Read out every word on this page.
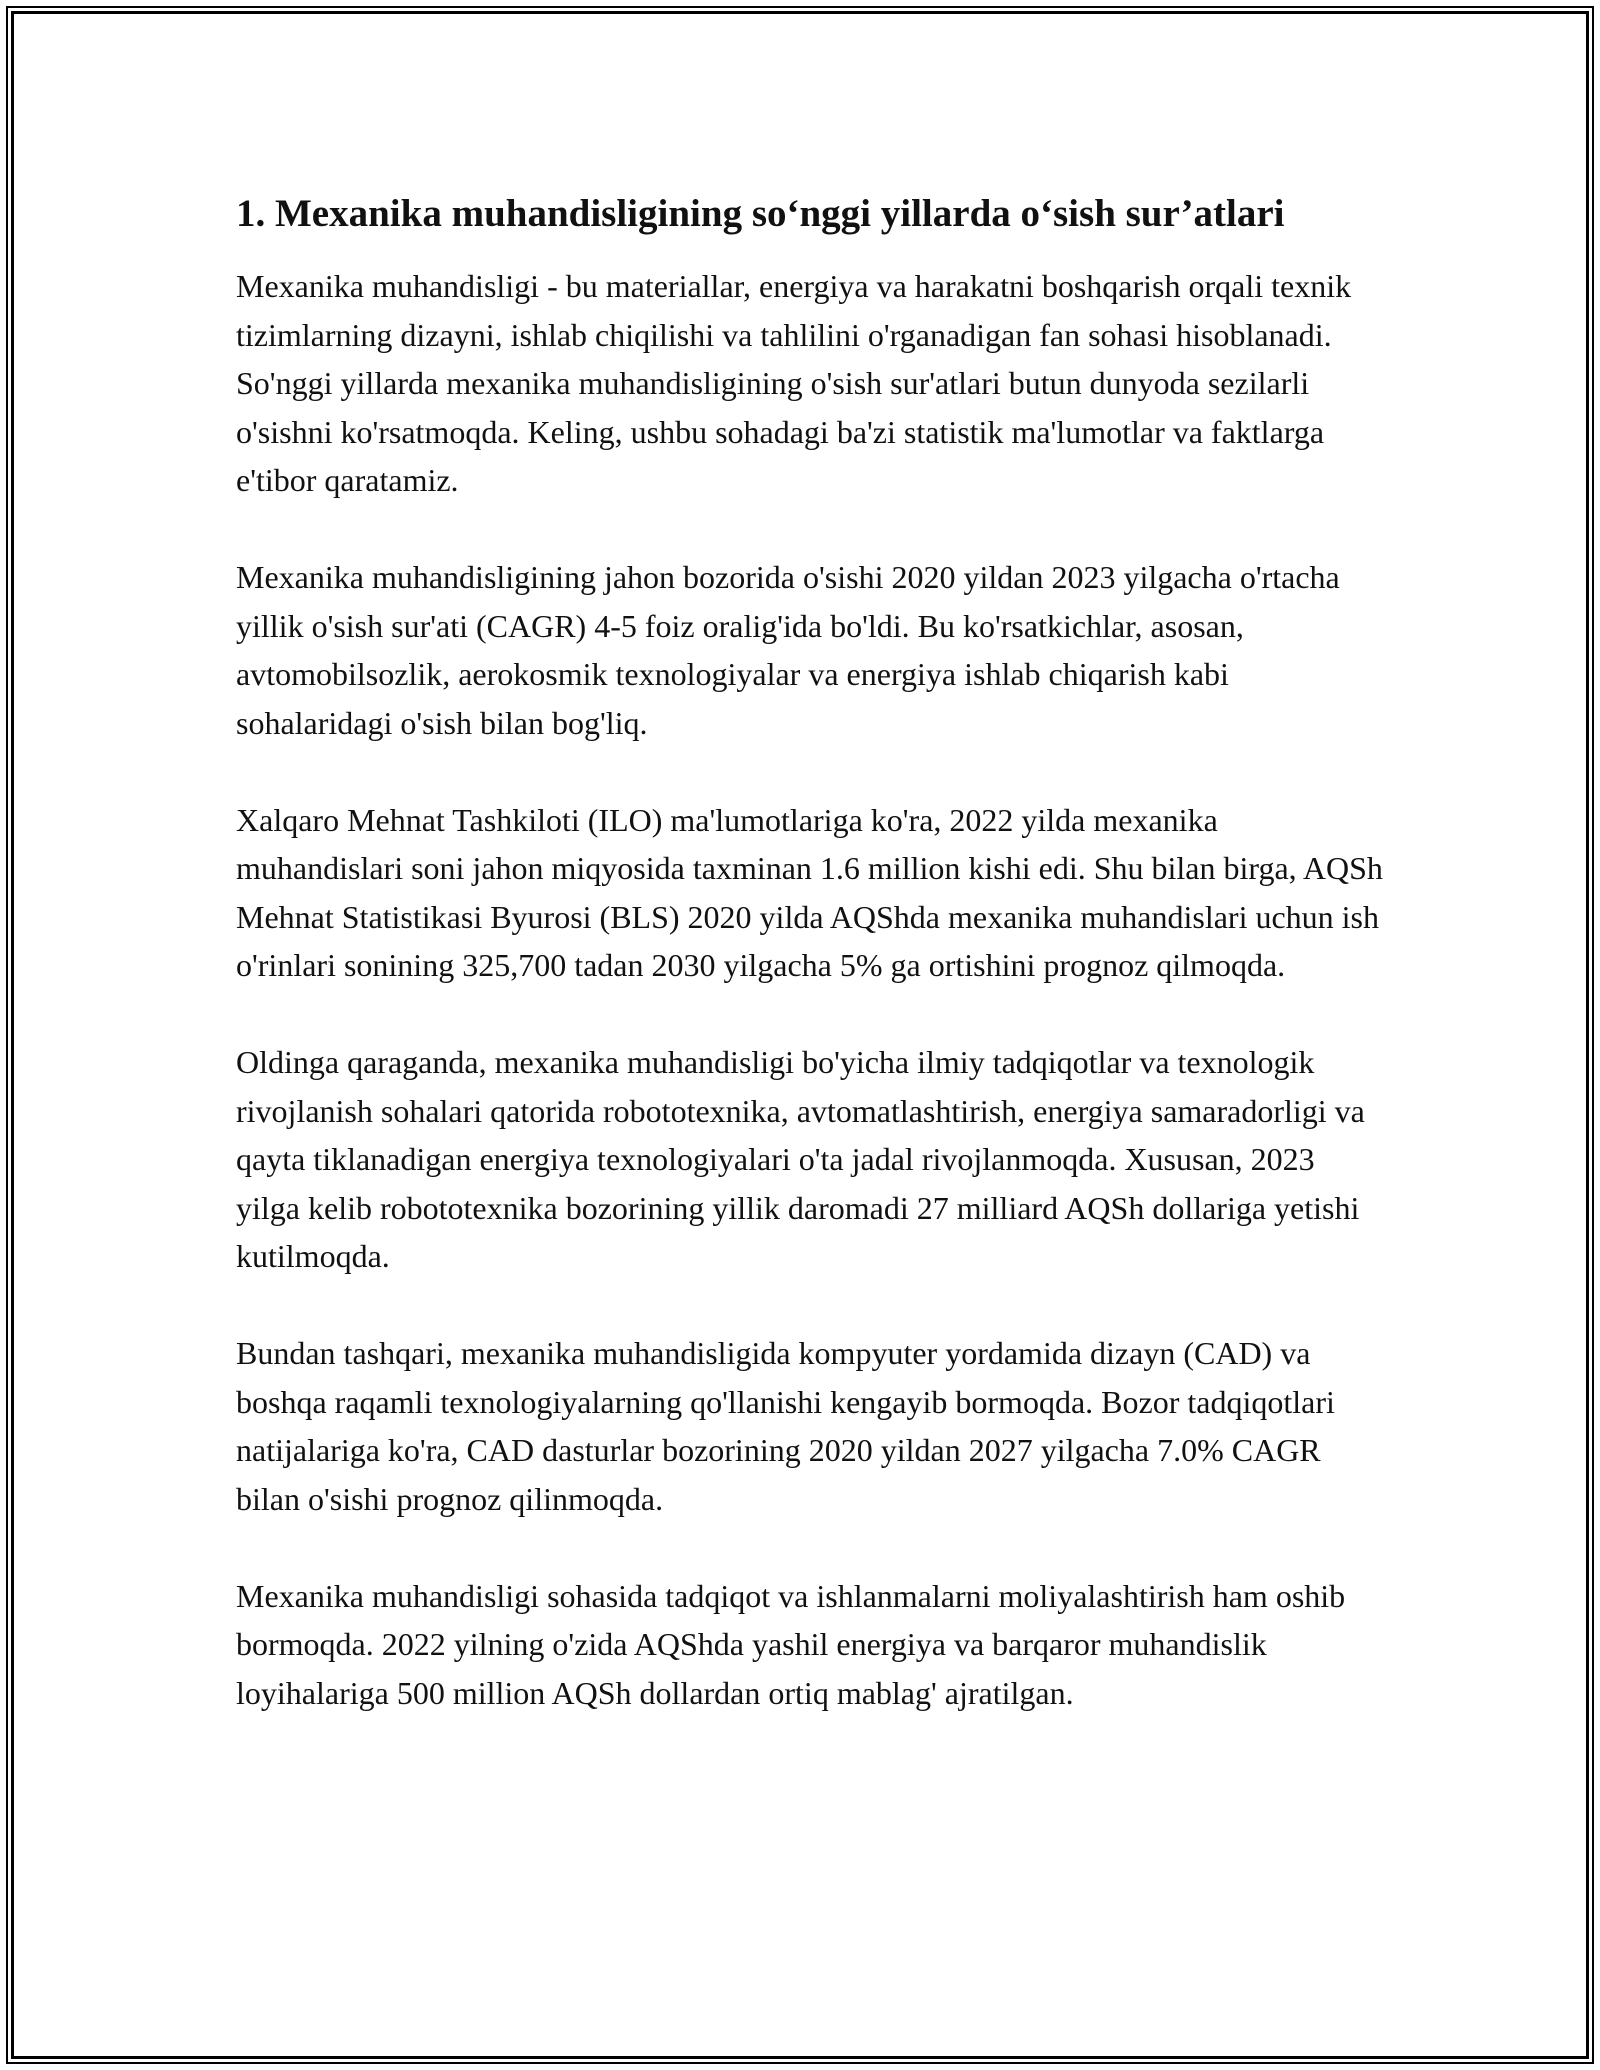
1. Mexanika muhandisligining so‘nggi yillarda o‘sish sur’atlari

Mexanika muhandisligi - bu materiallar, energiya va harakatni boshqarish orqali texnik tizimlarning dizayni, ishlab chiqilishi va tahlilini o'rganadigan fan sohasi hisoblanadi. So'nggi yillarda mexanika muhandisligining o'sish sur'atlari butun dunyoda sezilarli o'sishni ko'rsatmoqda. Keling, ushbu sohadagi ba'zi statistik ma'lumotlar va faktlarga e'tibor qaratamiz.

Mexanika muhandisligining jahon bozorida o'sishi 2020 yildan 2023 yilgacha o'rtacha yillik o'sish sur'ati (CAGR) 4-5 foiz oralig'ida bo'ldi. Bu ko'rsatkichlar, asosan, avtomobilsozlik, aerokosmik texnologiyalar va energiya ishlab chiqarish kabi sohalaridagi o'sish bilan bog'liq.

Xalqaro Mehnat Tashkiloti (ILO) ma'lumotlariga ko'ra, 2022 yilda mexanika muhandislari soni jahon miqyosida taxminan 1.6 million kishi edi. Shu bilan birga, AQSh Mehnat Statistikasi Byurosi (BLS) 2020 yilda AQShda mexanika muhandislari uchun ish o'rinlari sonining 325,700 tadan 2030 yilgacha 5% ga ortishini prognoz qilmoqda.

Oldinga qaraganda, mexanika muhandisligi bo'yicha ilmiy tadqiqotlar va texnologik rivojlanish sohalari qatorida robototexnika, avtomatlashtirish, energiya samaradorligi va qayta tiklanadigan energiya texnologiyalari o'ta jadal rivojlanmoqda. Xususan, 2023 yilga kelib robototexnika bozorining yillik daromadi 27 milliard AQSh dollariga yetishi kutilmoqda.

Bundan tashqari, mexanika muhandisligida kompyuter yordamida dizayn (CAD) va boshqa raqamli texnologiyalarning qo'llanishi kengayib bormoqda. Bozor tadqiqotlari natijalariga ko'ra, CAD dasturlar bozorining 2020 yildan 2027 yilgacha 7.0% CAGR bilan o'sishi prognoz qilinmoqda.

Mexanika muhandisligi sohasida tadqiqot va ishlanmalarni moliyalashtirish ham oshib bormoqda. 2022 yilning o'zida AQShda yashil energiya va barqaror muhandislik loyihalariga 500 million AQSh dollardan ortiq mablag' ajratilgan.
